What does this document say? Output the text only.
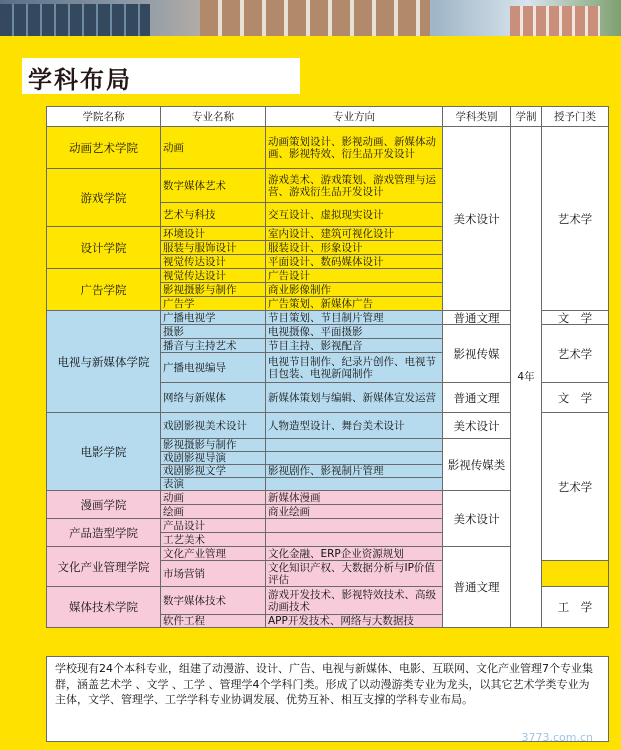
学科布局
学院名称	专业名称	专业方向	学科类别	学制	授予门类	
动画艺术学院	动画	动画策划设计、影视动画、新媒体动画、影视特效、衍生品开发设计	美术设计	4年	艺术学	
游戏学院	数字媒体艺术	游戏美术、游戏策划、游戏管理与运营、游戏衍生品开发设计				
	艺术与科技	交互设计、虚拟现实设计				
设计学院	环境设计	室内设计、建筑可视化设计				
	服装与服饰设计	服装设计、形象设计				
	视觉传达设计	平面设计、数码媒体设计				
广告学院	视觉传达设计	广告设计				
	影视摄影与制作	商业影像制作				
	广告学	广告策划、新媒体广告				
电视与新媒体学院	广播电视学	节目策划、节目制片管理	普通文理		文　学	
	摄影	电视摄像、平面摄影	影视传媒		艺术学	
	播音与主持艺术	节目主持、影视配音				
	广播电视编导	电视节目制作、纪录片创作、电视节目包装、电视新闻制作				
	网络与新媒体	新媒体策划与编辑、新媒体宣发运营	普通文理		文　学	
电影学院	戏剧影视美术设计	人物造型设计、舞台美术设计	美术设计		艺术学	
	影视摄影与制作		影视传媒类			
	戏剧影视导演					
	戏剧影视文学	影视剧作、影视制片管理				
	表演					
漫画学院	动画	新媒体漫画	美术设计			
	绘画	商业绘画				
产品造型学院	产品设计					
	工艺美术					
文化产业管理学院	文化产业管理	文化金融、ERP企业资源规划	普通文理	
	市场营销	文化知识产权、大数据分析与IP价值评估				
媒体技术学院	数字媒体技术	游戏开发技术、影视特效技术、高级动画技术			工　学	
	软件工程	APP开发技术、网络与大数据技				
学校现有24个本科专业，组建了动漫游、设计、广告、电视与新媒体、电影、互联网、文化产业管理7个专业集群，涵盖艺术学 、文学 、工学 、管理学4个学科门类。形成了以动漫游类专业为龙头，以其它艺术学类专业为主体，文学、管理学、工学学科专业协调发展、优势互补、相互支撑的学科专业布局。
3773.com.cn
